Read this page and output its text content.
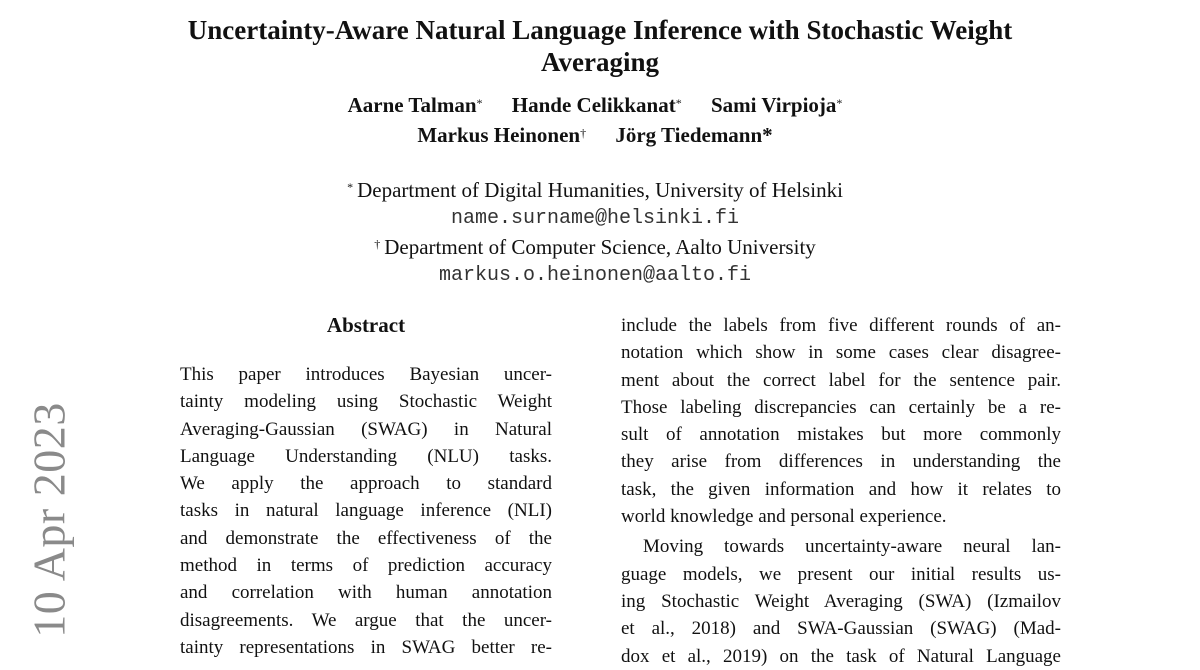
Uncertainty-Aware Natural Language Inference with Stochastic Weight
Averaging
Aarne Talman* Hande Celikkanat* Sami Virpioja*
Markus Heinonen† Jörg Tiedemann*
* Department of Digital Humanities, University of Helsinki
name.surname@helsinki.fi
† Department of Computer Science, Aalto University
markus.o.heinonen@aalto.fi
Abstract
This paper introduces Bayesian uncer-
tainty modeling using Stochastic Weight
Averaging-Gaussian (SWAG) in Natural
Language Understanding (NLU) tasks.
We apply the approach to standard
tasks in natural language inference (NLI)
and demonstrate the effectiveness of the
method in terms of prediction accuracy
and correlation with human annotation
disagreements. We argue that the uncer-
tainty representations in SWAG better re-
include the labels from five different rounds of an-
notation which show in some cases clear disagree-
ment about the correct label for the sentence pair.
Those labeling discrepancies can certainly be a re-
sult of annotation mistakes but more commonly
they arise from differences in understanding the
task, the given information and how it relates to
world knowledge and personal experience.
Moving towards uncertainty-aware neural lan-
guage models, we present our initial results us-
ing Stochastic Weight Averaging (SWA) (Izmailov
et al., 2018) and SWA-Gaussian (SWAG) (Mad-
dox et al., 2019) on the task of Natural Language
10 Apr 2023
